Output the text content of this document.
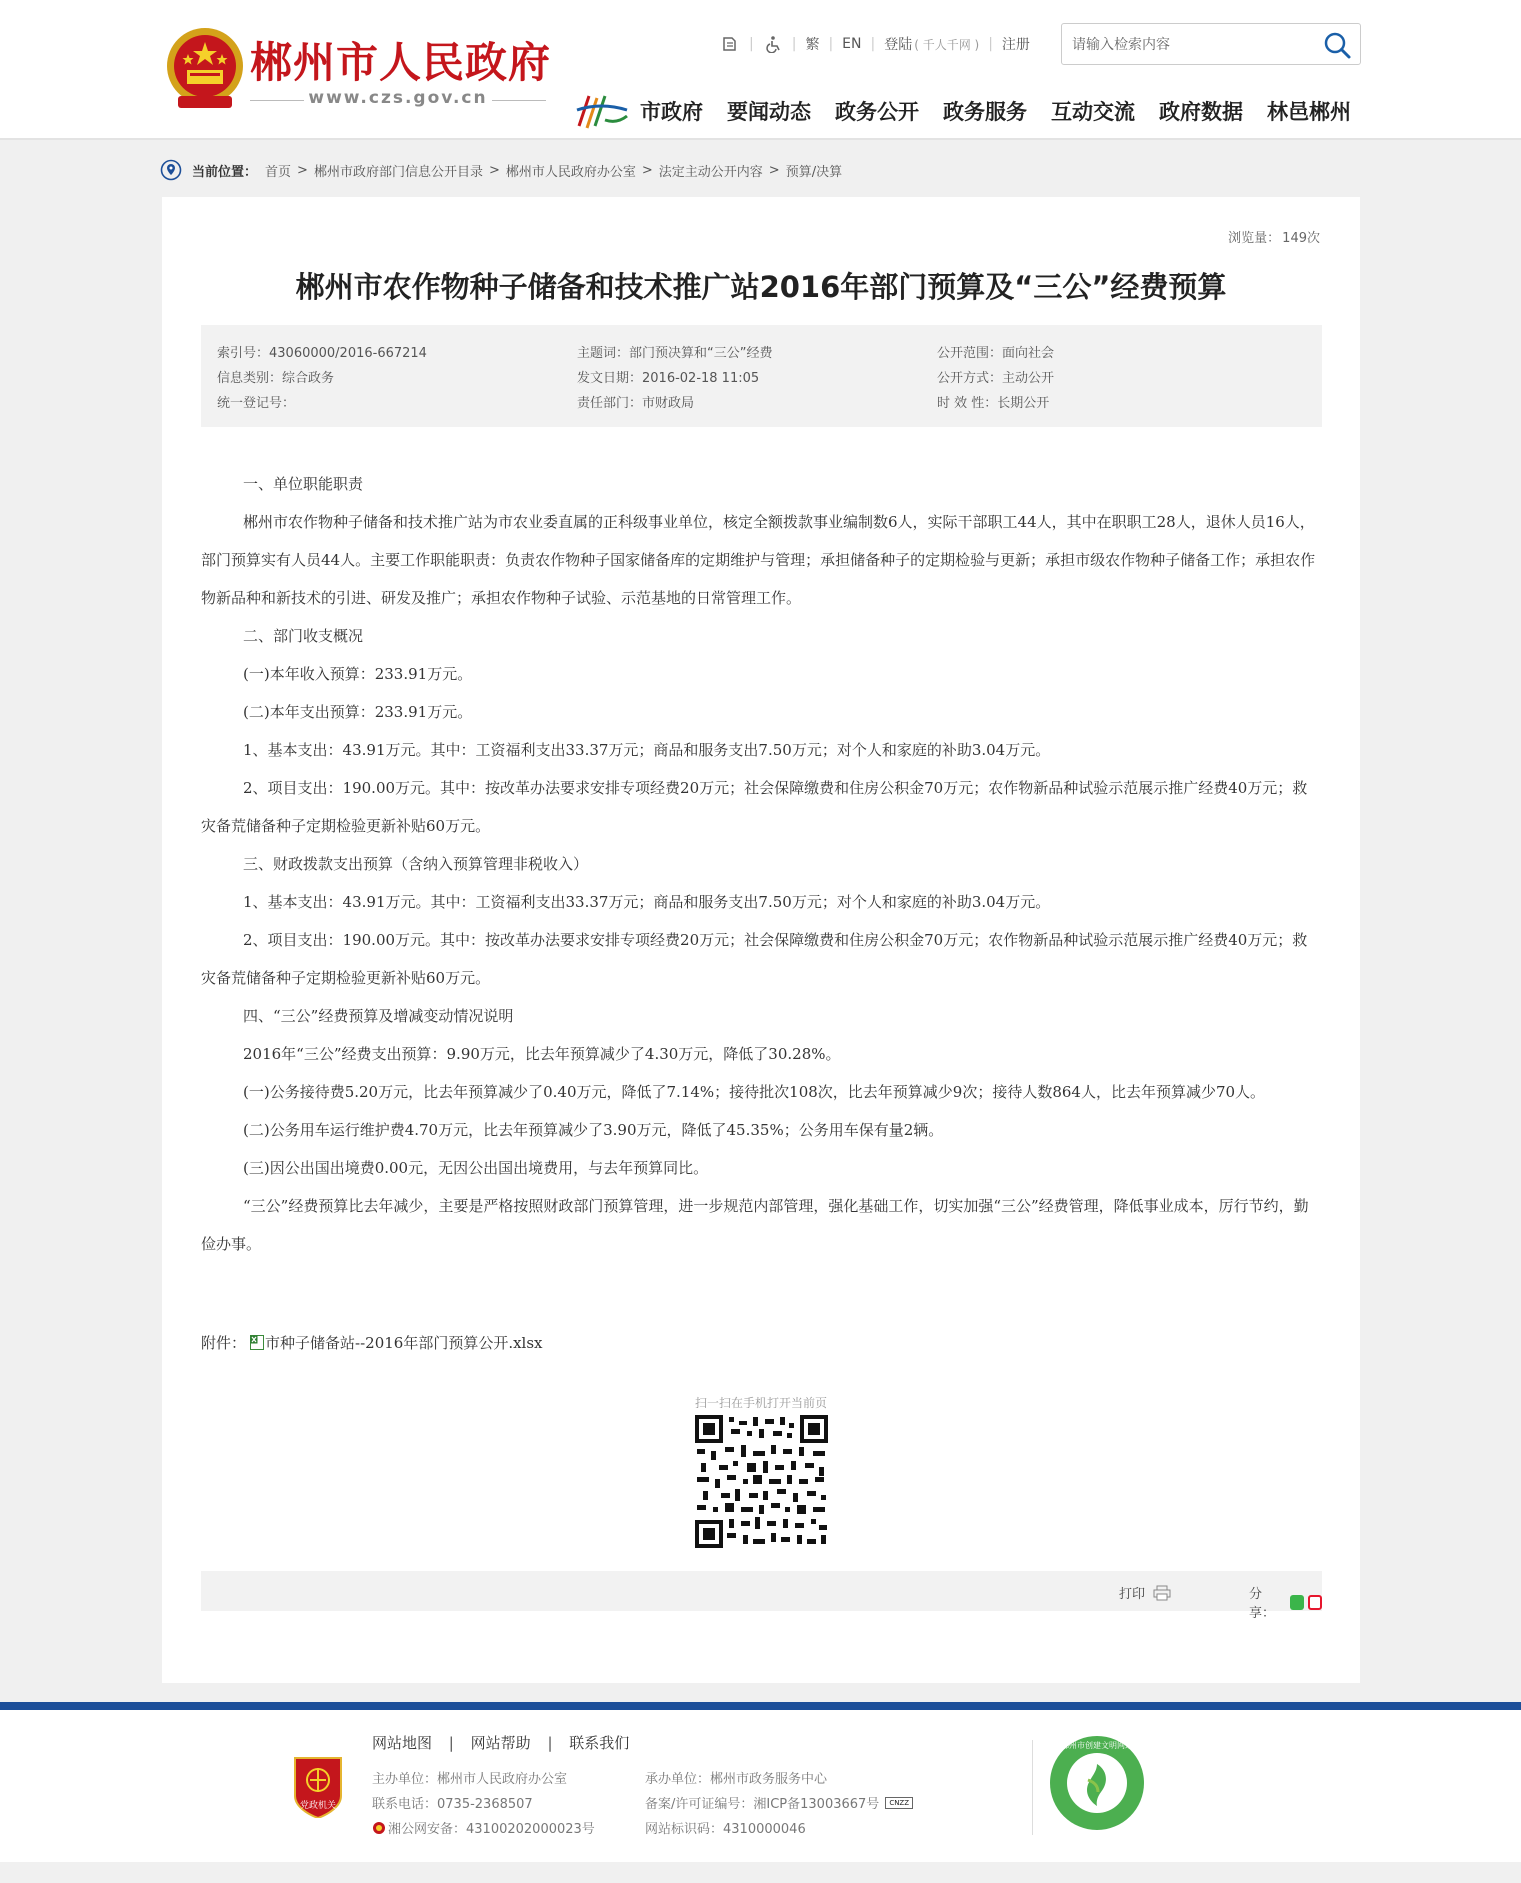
郴州市人民政府
www.czs.gov.cn
|	| 繁 | EN | 登陆 ( 千人千网 ) | 注册
请输入检索内容
市政府 要闻动态 政务公开 政务服务 互动交流 政府数据 林邑郴州
当前位置： 首页 > 郴州市政府部门信息公开目录 > 郴州市人民政府办公室 > 法定主动公开内容 > 预算/决算
浏览量： 149次
郴州市农作物种子储备和技术推广站2016年部门预算及“三公”经费预算
索引号：43060000/2016-667214	主题词：部门预决算和“三公”经费	公开范围：面向社会
信息类别：综合政务	发文日期：2016-02-18 11:05	公开方式：主动公开
统一登记号：	责任部门：市财政局	时 效 性：长期公开

一、单位职能职责

郴州市农作物种子储备和技术推广站为市农业委直属的正科级事业单位，核定全额拨款事业编制数6人，实际干部职工44人，其中在职职工28人，退休人员16人，部门预算实有人员44人。主要工作职能职责：负责农作物种子国家储备库的定期维护与管理；承担储备种子的定期检验与更新；承担市级农作物种子储备工作；承担农作物新品种和新技术的引进、研发及推广；承担农作物种子试验、示范基地的日常管理工作。

二、部门收支概况

(一)本年收入预算：233.91万元。

(二)本年支出预算：233.91万元。

1、基本支出：43.91万元。其中：工资福利支出33.37万元；商品和服务支出7.50万元；对个人和家庭的补助3.04万元。

2、项目支出：190.00万元。其中：按改革办法要求安排专项经费20万元；社会保障缴费和住房公积金70万元；农作物新品种试验示范展示推广经费40万元；救灾备荒储备种子定期检验更新补贴60万元。

三、财政拨款支出预算（含纳入预算管理非税收入）

1、基本支出：43.91万元。其中：工资福利支出33.37万元；商品和服务支出7.50万元；对个人和家庭的补助3.04万元。

2、项目支出：190.00万元。其中：按改革办法要求安排专项经费20万元；社会保障缴费和住房公积金70万元；农作物新品种试验示范展示推广经费40万元；救灾备荒储备种子定期检验更新补贴60万元。

四、“三公”经费预算及增减变动情况说明

2016年“三公”经费支出预算：9.90万元，比去年预算减少了4.30万元，降低了30.28%。

(一)公务接待费5.20万元，比去年预算减少了0.40万元，降低了7.14%；接待批次108次，比去年预算减少9次；接待人数864人，比去年预算减少70人。

(二)公务用车运行维护费4.70万元，比去年预算减少了3.90万元，降低了45.35%；公务用车保有量2辆。

(三)因公出国出境费0.00元，无因公出国出境费用，与去年预算同比。

“三公”经费预算比去年减少，主要是严格按照财政部门预算管理，进一步规范内部管理，强化基础工作，切实加强“三公”经费管理，降低事业成本，厉行节约，勤俭办事。

附件： 市种子储备站--2016年部门预算公开.xlsx
扫一扫在手机打开当前页
打印	分享：
党政机关
网站地图 | 网站帮助 | 联系我们
主办单位：郴州市人民政府办公室
联系电话：0735-2368507
湘公网安备：43100202000023号
承办单位：郴州市政务服务中心
备案/许可证编号：湘ICP备13003667号	CNZZ
网站标识码：4310000046
郴州市创建文明网站
